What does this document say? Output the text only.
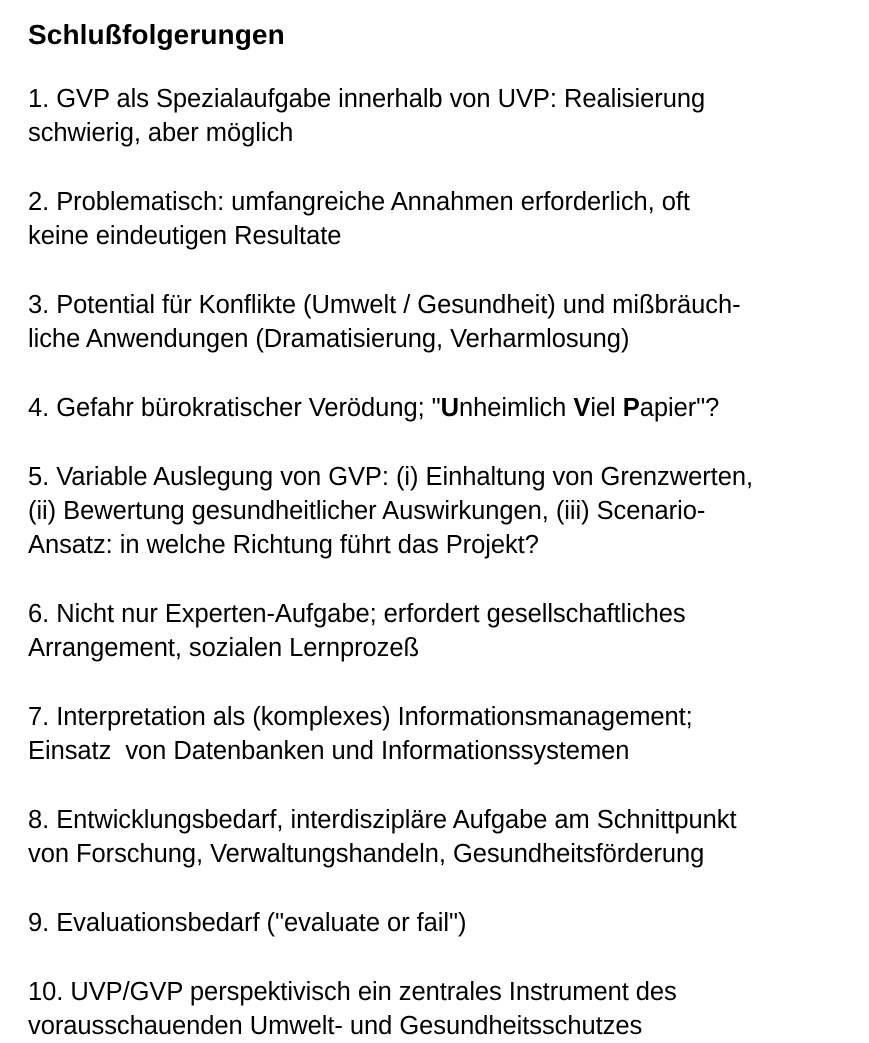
Schlußfolgerungen

1. GVP als Spezialaufgabe innerhalb von UVP: Realisierung
schwierig, aber möglich

2. Problematisch: umfangreiche Annahmen erforderlich, oft
keine eindeutigen Resultate

3. Potential für Konflikte (Umwelt / Gesundheit) und mißbräuch-
liche Anwendungen (Dramatisierung, Verharmlosung)

4. Gefahr bürokratischer Verödung; "Unheimlich Viel Papier"?

5. Variable Auslegung von GVP: (i) Einhaltung von Grenzwerten,
(ii) Bewertung gesundheitlicher Auswirkungen, (iii) Scenario-
Ansatz: in welche Richtung führt das Projekt?

6. Nicht nur Experten-Aufgabe; erfordert gesellschaftliches
Arrangement, sozialen Lernprozeß

7. Interpretation als (komplexes) Informationsmanagement;
Einsatz  von Datenbanken und Informationssystemen

8. Entwicklungsbedarf, interdiszipläre Aufgabe am Schnittpunkt
von Forschung, Verwaltungshandeln, Gesundheitsförderung

9. Evaluationsbedarf ("evaluate or fail")

10. UVP/GVP perspektivisch ein zentrales Instrument des
vorausschauenden Umwelt- und Gesundheitsschutzes
